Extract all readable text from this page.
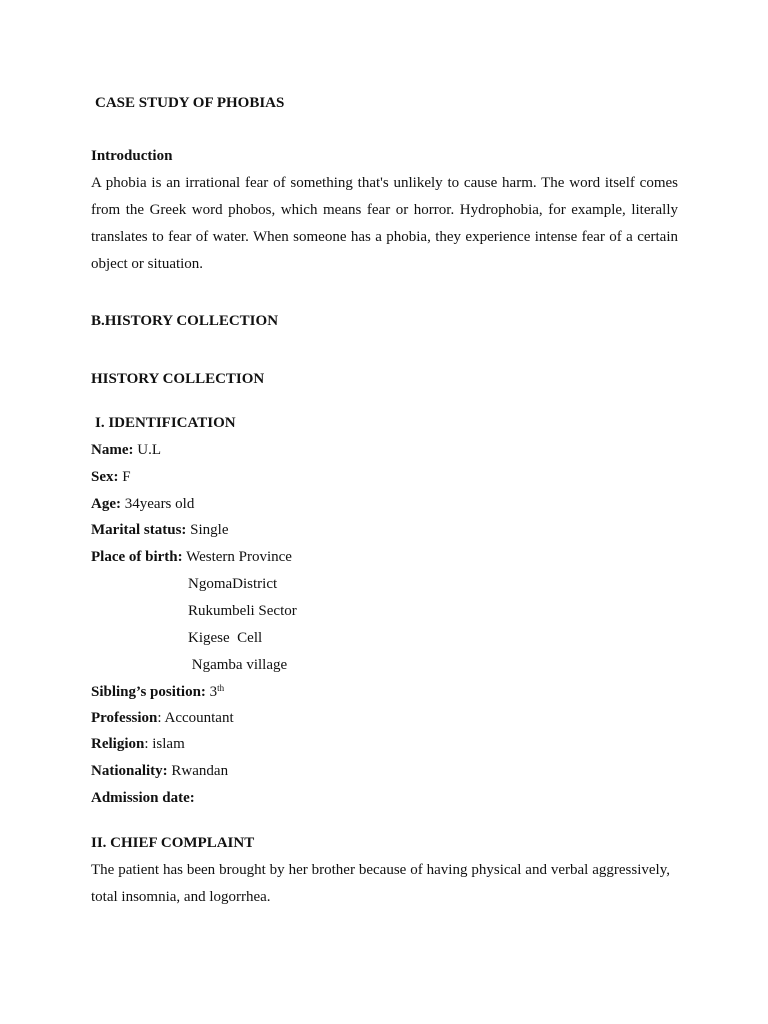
CASE STUDY OF PHOBIAS
Introduction
A phobia is an irrational fear of something that's unlikely to cause harm. The word itself comes
from the Greek word phobos, which means fear or horror. Hydrophobia, for example, literally
translates to fear of water. When someone has a phobia, they experience intense fear of a certain
object or situation.
B.HISTORY COLLECTION
HISTORY COLLECTION
I. IDENTIFICATION
Name: U.L
Sex: F
Age: 34years old
Marital status: Single
Place of birth: Western Province
NgomaDistrict
Rukumbeli Sector
Kigese  Cell
Ngamba village
Sibling’s position: 3th
Profession: Accountant
Religion: islam
Nationality: Rwandan
Admission date:
II. CHIEF COMPLAINT
The patient has been brought by her brother because of having physical and verbal aggressively,
total insomnia, and logorrhea.
